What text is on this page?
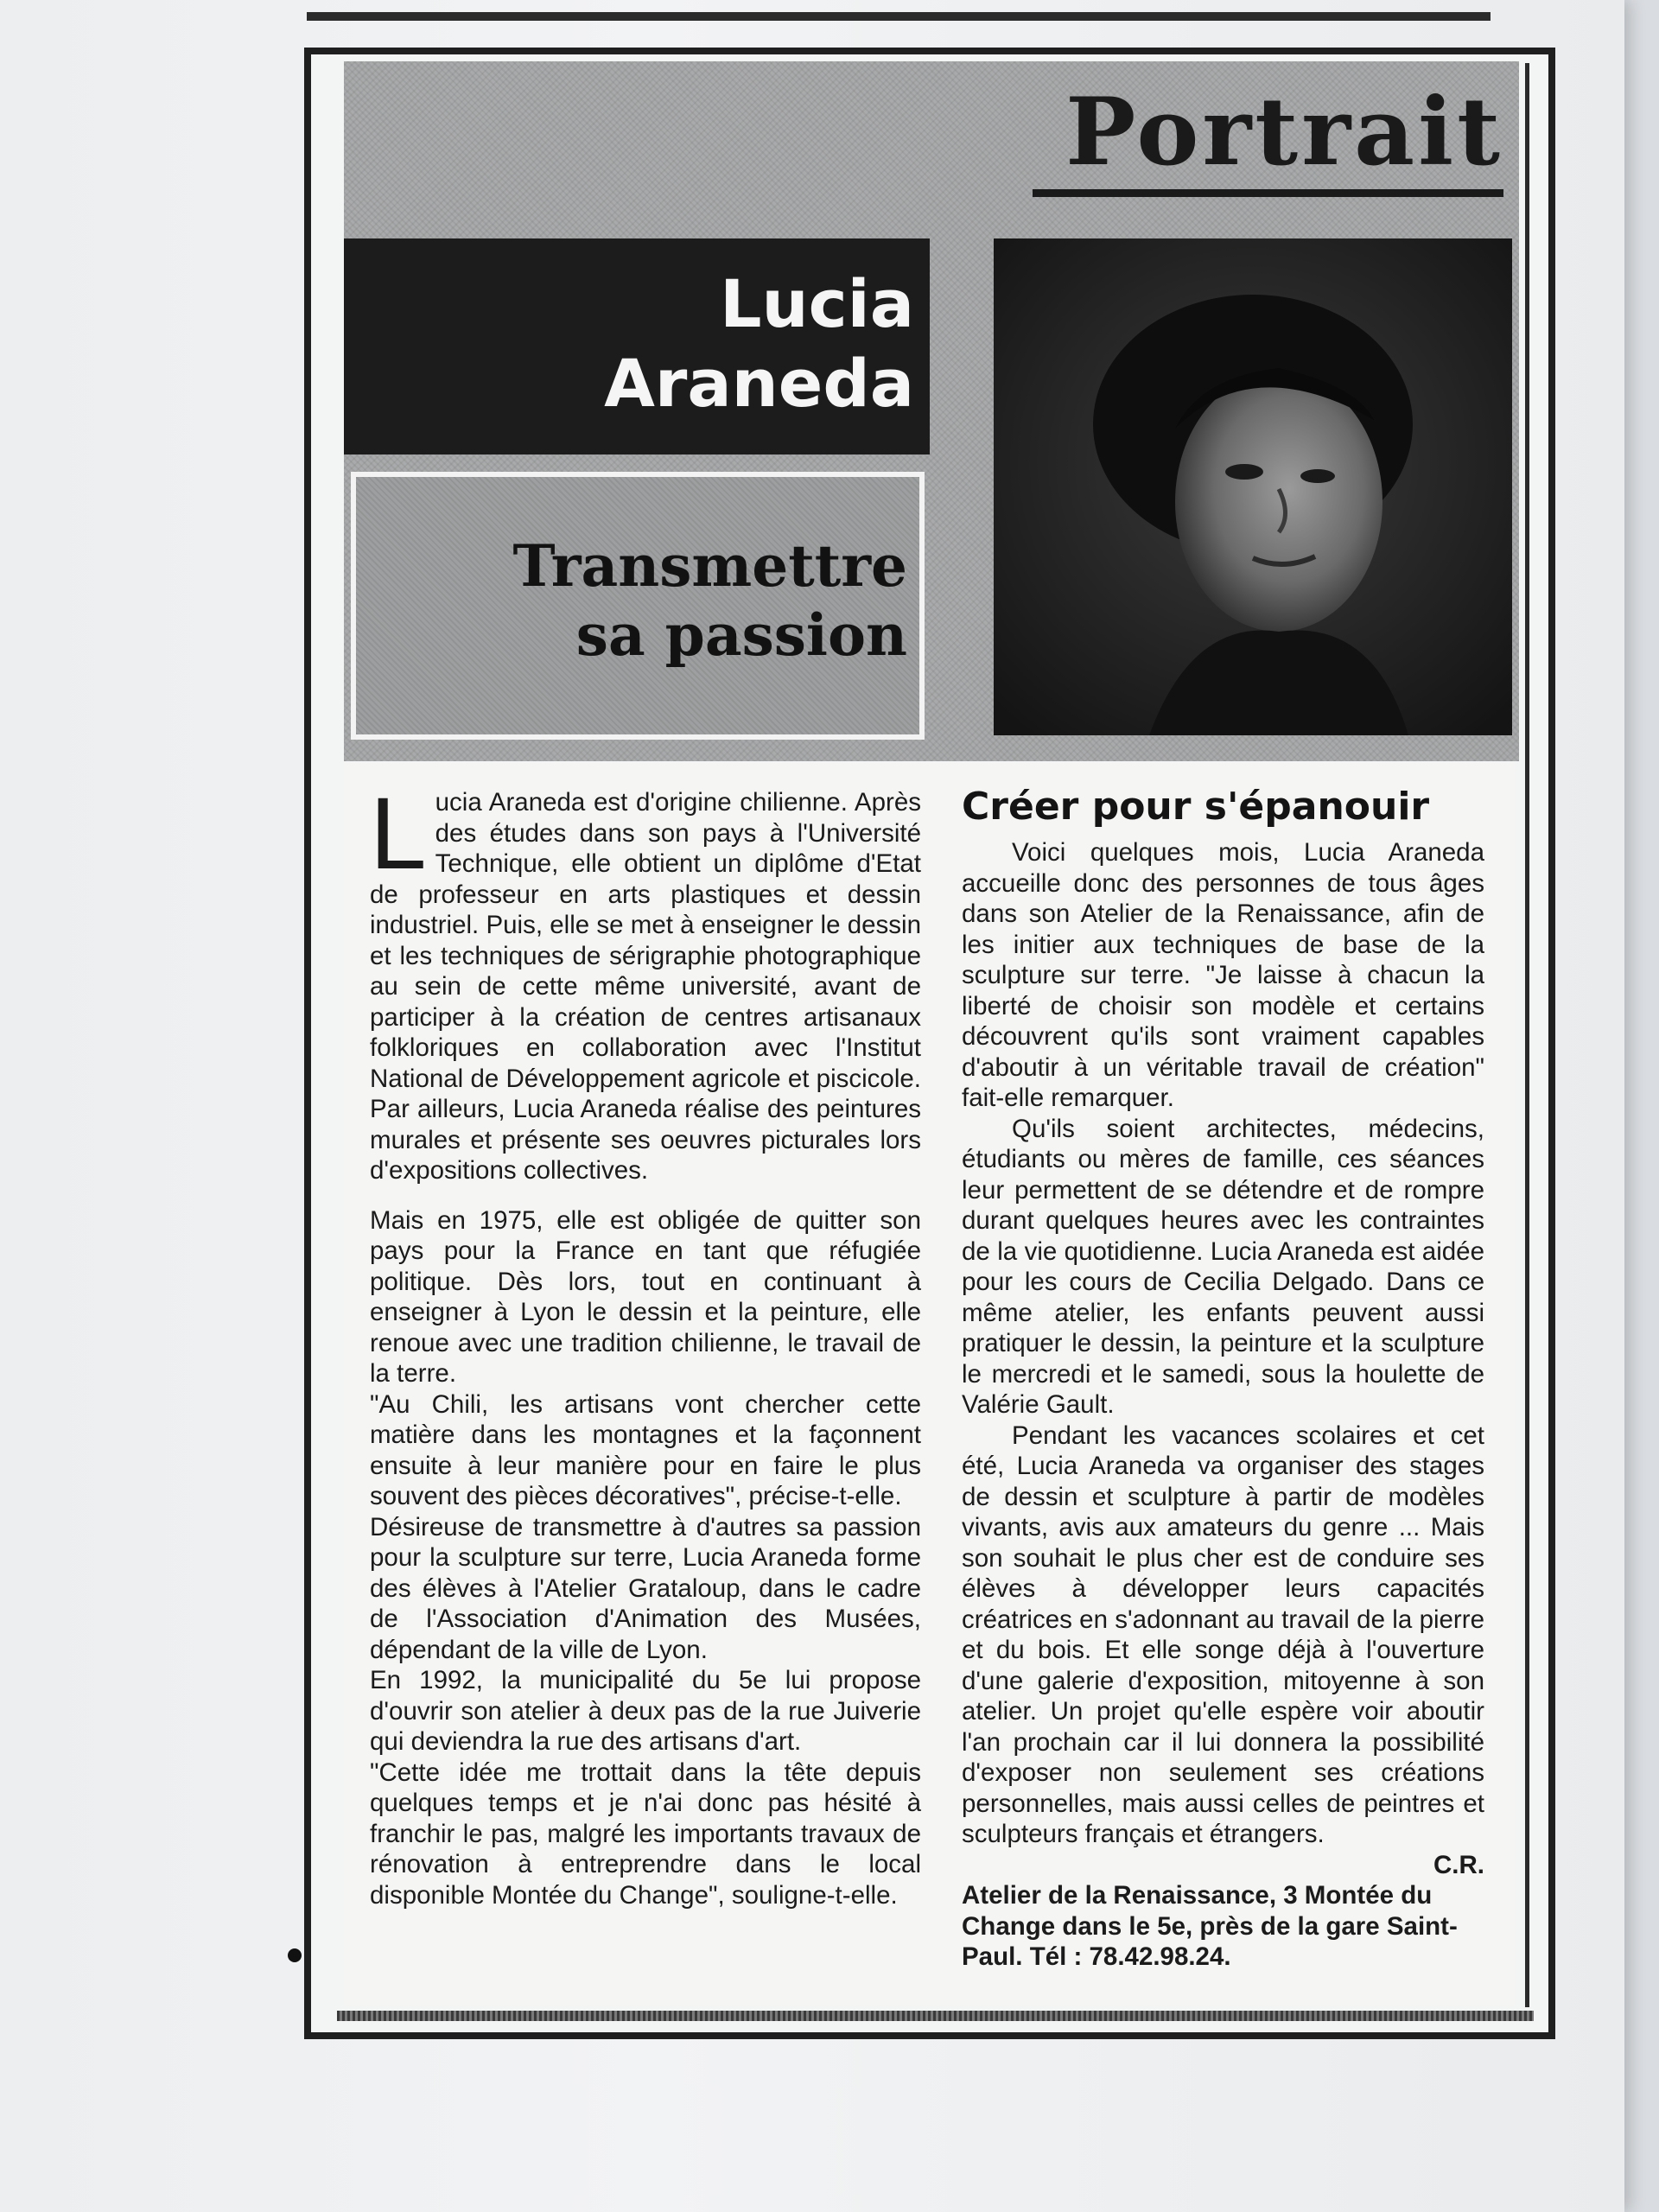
Portrait
Lucia
Araneda
Transmettre
sa passion

Lucia Araneda est d'origine chilienne. Après des études dans son pays à l'Université Technique, elle obtient un diplôme d'Etat de professeur en arts plastiques et dessin industriel. Puis, elle se met à enseigner le dessin et les techniques de sérigraphie photographique au sein de cette même université, avant de participer à la création de centres artisanaux folkloriques en collaboration avec l'Institut National de Développement agricole et piscicole. Par ailleurs, Lucia Araneda réalise des peintures murales et présente ses oeuvres picturales lors d'expositions collectives.

Mais en 1975, elle est obligée de quitter son pays pour la France en tant que réfugiée politique. Dès lors, tout en continuant à enseigner à Lyon le dessin et la peinture, elle renoue avec une tradition chilienne, le travail de la terre.

"Au Chili, les artisans vont chercher cette matière dans les montagnes et la façonnent ensuite à leur manière pour en faire le plus souvent des pièces décoratives", précise-t-elle.

Désireuse de transmettre à d'autres sa passion pour la sculpture sur terre, Lucia Araneda forme des élèves à l'Atelier Grataloup, dans le cadre de l'Association d'Animation des Musées, dépendant de la ville de Lyon.

En 1992, la municipalité du 5e lui propose d'ouvrir son atelier à deux pas de la rue Juiverie qui deviendra la rue des artisans d'art.

"Cette idée me trottait dans la tête depuis quelques temps et je n'ai donc pas hésité à franchir le pas, malgré les importants travaux de rénovation à entreprendre dans le local disponible Montée du Change", souligne-t-elle.

Créer pour s'épanouir

Voici quelques mois, Lucia Araneda accueille donc des personnes de tous âges dans son Atelier de la Renaissance, afin de les initier aux techniques de base de la sculpture sur terre. "Je laisse à chacun la liberté de choisir son modèle et certains découvrent qu'ils sont vraiment capables d'aboutir à un véritable travail de création" fait-elle remarquer.

Qu'ils soient architectes, médecins, étudiants ou mères de famille, ces séances leur permettent de se détendre et de rompre durant quelques heures avec les contraintes de la vie quotidienne. Lucia Araneda est aidée pour les cours de Cecilia Delgado. Dans ce même atelier, les enfants peuvent aussi pratiquer le dessin, la peinture et la sculpture le mercredi et le samedi, sous la houlette de Valérie Gault.

Pendant les vacances scolaires et cet été, Lucia Araneda va organiser des stages de dessin et sculpture à partir de modèles vivants, avis aux amateurs du genre ... Mais son souhait le plus cher est de conduire ses élèves à développer leurs capacités créatrices en s'adonnant au travail de la pierre et du bois. Et elle songe déjà à l'ouverture d'une galerie d'exposition, mitoyenne à son atelier. Un projet qu'elle espère voir aboutir l'an prochain car il lui donnera la possibilité d'exposer non seulement ses créations personnelles, mais aussi celles de peintres et sculpteurs français et étrangers.

C.R.

Atelier de la Renaissance, 3 Montée du Change dans le 5e, près de la gare Saint-Paul. Tél : 78.42.98.24.
